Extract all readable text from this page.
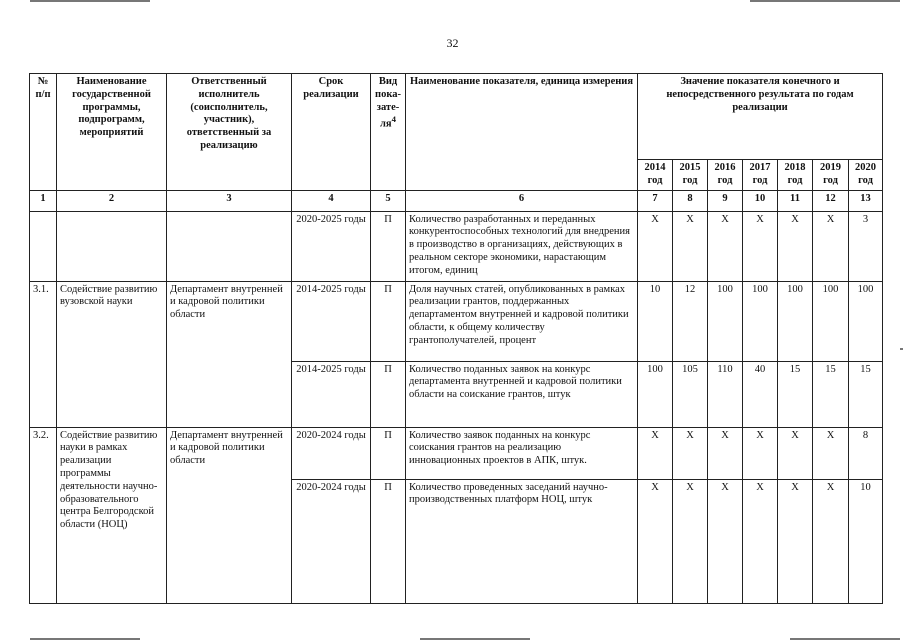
32
№ п/п	Наименование государственной программы, подпрограмм, мероприятий	Ответственный исполнитель (соисполнитель, участник), ответственный за реализацию	Срок реализации	Вид пока-$зате-ля^4$	Наименование показателя, единица измерения	Значение показателя конечного и непосредственного результата по годам реализации						
						2014 год	2015 год	2016 год	2017 год	2018 год	2019 год	2020 год
1	2	3	4	5	6	7	8	9	10	11	12	13
			2020-2025 годы	П	Количество разработанных и переданных конкурентоспособных технологий для внедрения в производство в организациях, действующих в реальном секторе экономики, нарастающим итогом, единиц	X	X	X	X	X	X	3
3.1.	Содействие развитию вузовской науки	Департамент внутренней и кадровой политики области	2014-2025 годы	П	Доля научных статей, опубликованных в рамках реализации грантов, поддержанных департаментом внутренней и кадровой политики области, к общему количеству грантополучателей, процент	10	12	100	100	100	100	100
			2014-2025 годы	П	Количество поданных заявок на конкурс департамента внутренней и кадровой политики области на соискание грантов, штук	100	105	110	40	15	15	15
3.2.	Содействие развитию науки в рамках реализации программы деятельности научно-образовательного центра Белгородской области (НОЦ)	Департамент внутренней и кадровой политики области	2020-2024 годы	П	Количество заявок поданных на конкурс соискания грантов на реализацию инновационных проектов в АПК, штук.	X	X	X	X	X	X	8
			2020-2024 годы	П	Количество проведенных заседаний научно-производственных платформ НОЦ, штук	X	X	X	X	X	X	10
